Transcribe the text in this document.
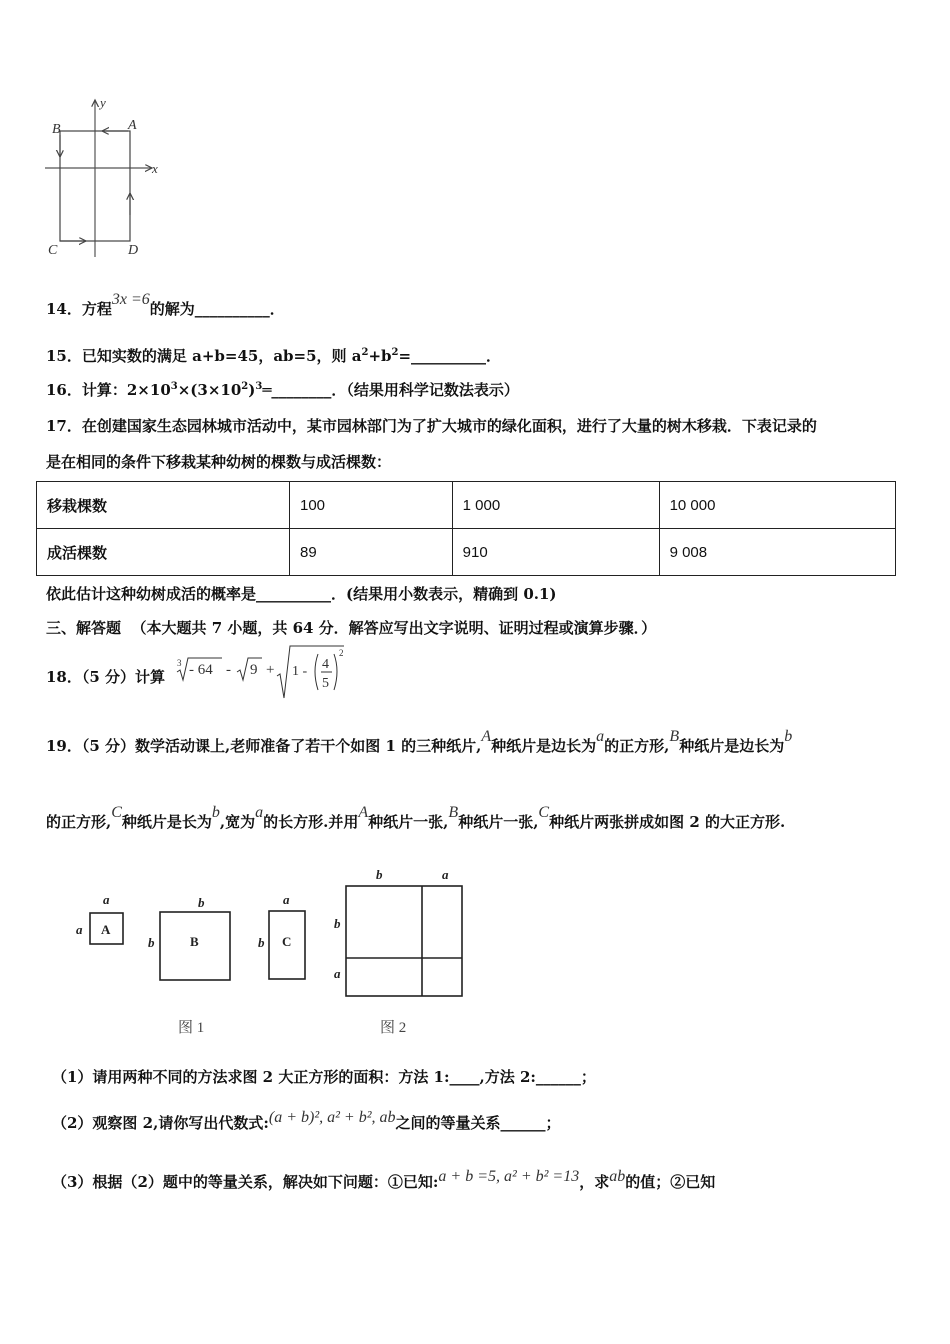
B	A
C	D
x
y
14．方程3x =6的解为__________．
15．已知实数的满足 a+b=45，ab=5，则 $a^2+b^2=\_\_\_\_\_\_\_\_\_\_$．
16．计算：$2\times 10^3\times(3\times 10^2)^3═\_\_\_\_\_\_\_\_$．（结果用科学记数法表示）
17．在创建国家生态园林城市活动中，某市园林部门为了扩大城市的绿化面积，进行了大量的树木移栽．下表记录的
是在相同的条件下移栽某种幼树的棵数与成活棵数：
移栽棵数	100	1 000	10 000
成活棵数	89	910	9 008
依此估计这种幼树成活的概率是__________．(结果用小数表示，精确到 0.1)
三、解答题 （本大题共 7 小题，共 64 分．解答应写出文字说明、证明过程或演算步骤．）
18．（5 分）计算
3 - 64 - 9 + 1 - 4
5
2
19．（5 分）数学活动课上,老师准备了若干个如图 1 的三种纸片,A种纸片是边长为a的正方形,B种纸片是边长为b
的正方形,C种纸片是长为b,宽为a的长方形.并用A种纸片一张,B种纸片一张,C种纸片两张拼成如图 2 的大正方形.
a
a A
b
b	B
a
b C
图 1
b	a
b
a
图 2
（1）请用两种不同的方法求图 2 大正方形的面积：方法 1:____,方法 2:______；
（2）观察图 2,请你写出代数式:(a + b)², a² + b², ab之间的等量关系______；
（3）根据（2）题中的等量关系，解决如下问题：①已知:a + b =5, a² + b² =13，求ab的值；②已知
